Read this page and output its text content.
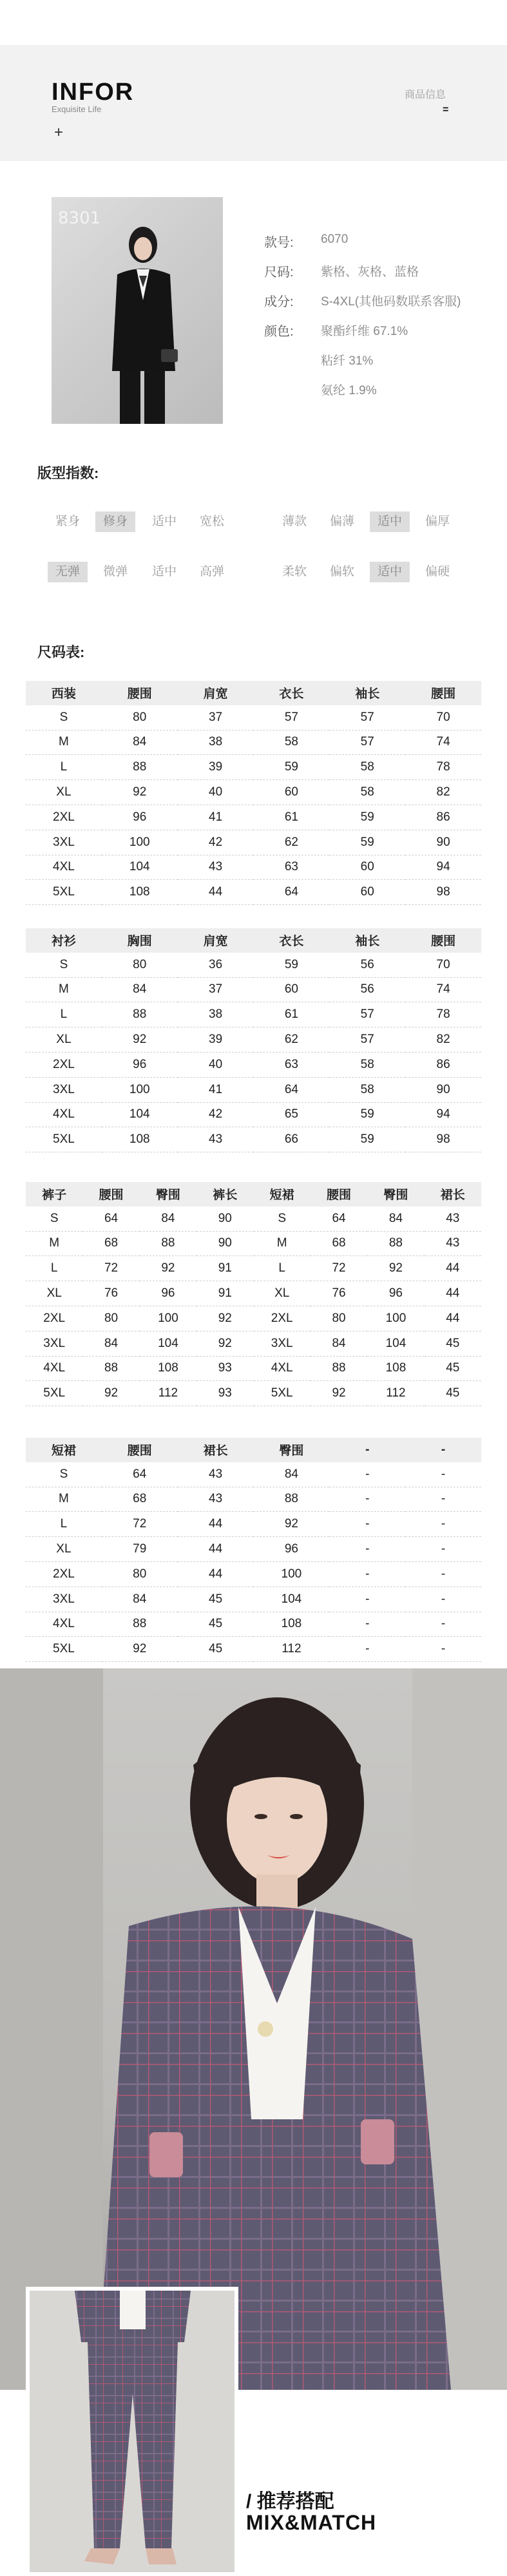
INFOR
Exquisite Life
+
商品信息
=
8301
款号: 6070
尺码: 紫格、灰格、蓝格
成分: S-4XL(其他码数联系客服)
颜色: 聚酯纤维 67.1%
粘纤 31%
氨纶 1.9%
版型指数:
紧身	修身	适中	宽松	薄款	偏薄	适中	偏厚
无弹	微弹	适中	高弹	柔软	偏软	适中	偏硬
尺码表:
西装	腰围	肩宽	衣长	袖长	腰围
S	80	37	57	57	70
M	84	38	58	57	74
L	88	39	59	58	78
XL	92	40	60	58	82
2XL	96	41	61	59	86
3XL	100	42	62	59	90
4XL	104	43	63	60	94
5XL	108	44	64	60	98
衬衫	胸围	肩宽	衣长	袖长	腰围
S	80	36	59	56	70
M	84	37	60	56	74
L	88	38	61	57	78
XL	92	39	62	57	82
2XL	96	40	63	58	86
3XL	100	41	64	58	90
4XL	104	42	65	59	94
5XL	108	43	66	59	98
裤子	腰围	臀围	裤长	短裙	腰围	臀围	裙长
S	64	84	90	S	64	84	43
M	68	88	90	M	68	88	43
L	72	92	91	L	72	92	44
XL	76	96	91	XL	76	96	44
2XL	80	100	92	2XL	80	100	44
3XL	84	104	92	3XL	84	104	45
4XL	88	108	93	4XL	88	108	45
5XL	92	112	93	5XL	92	112	45
短裙	腰围	裙长	臀围	-	-
S	64	43	84	-	-
M	68	43	88	-	-
L	72	44	92	-	-
XL	79	44	96	-	-
2XL	80	44	100	-	-
3XL	84	45	104	-	-
4XL	88	45	108	-	-
5XL	92	45	112	-	-
/ 推荐搭配
MIX&MATCH
